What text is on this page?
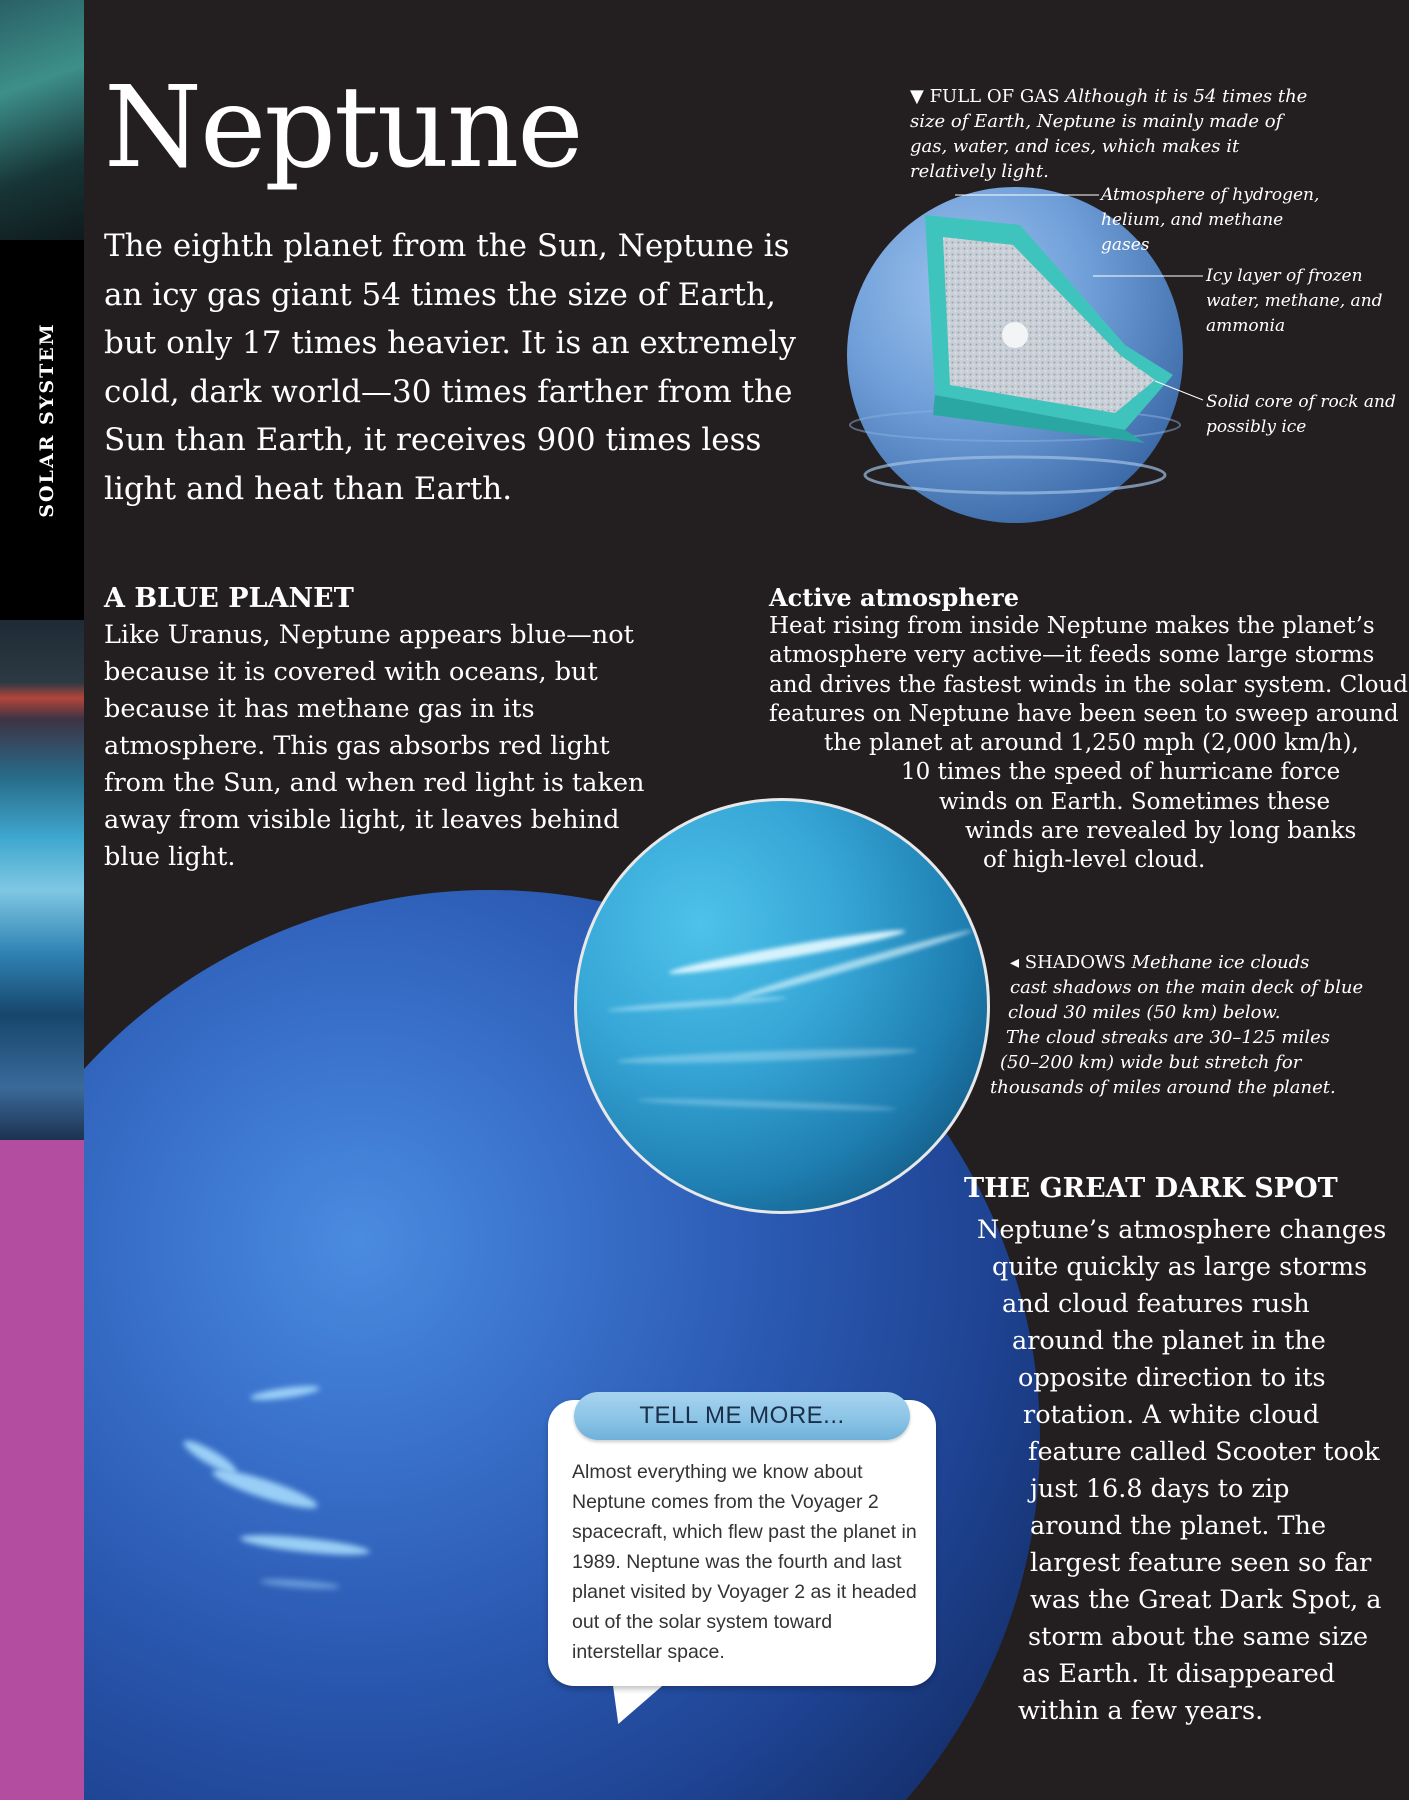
SOLAR SYSTEM
Neptune
The eighth planet from the Sun, Neptune is an icy gas giant 54 times the size of Earth, but only 17 times heavier. It is an extremely cold, dark world—30 times farther from the Sun than Earth, it receives 900 times less light and heat than Earth.
▼ FULL OF GAS Although it is 54 times the size of Earth, Neptune is mainly made of gas, water, and ices, which makes it relatively light.
Atmosphere of hydrogen, helium, and methane gases
Icy layer of frozen water, methane, and ammonia
Solid core of rock and possibly ice
A BLUE PLANET
Like Uranus, Neptune appears blue—not because it is covered with oceans, but because it has methane gas in its atmosphere. This gas absorbs red light from the Sun, and when red light is taken away from visible light, it leaves behind blue light.
Active atmosphere
Heat rising from inside Neptune makes the planet’s
atmosphere very active—it feeds some large storms
and drives the fastest winds in the solar system. Cloud
features on Neptune have been seen to sweep around
the planet at around 1,250 mph (2,000 km/h),
10 times the speed of hurricane force
winds on Earth. Sometimes these
winds are revealed by long banks
of high-level cloud.
◂ SHADOWS Methane ice clouds
cast shadows on the main deck of blue
cloud 30 miles (50 km) below.
The cloud streaks are 30–125 miles
(50–200 km) wide but stretch for
thousands of miles around the planet.
THE GREAT DARK SPOT
Neptune’s atmosphere changes
quite quickly as large storms
and cloud features rush
around the planet in the
opposite direction to its
rotation. A white cloud
feature called Scooter took
just 16.8 days to zip
around the planet. The
largest feature seen so far
was the Great Dark Spot, a
storm about the same size
as Earth. It disappeared
within a few years.
TELL ME MORE...
Almost everything we know about Neptune comes from the Voyager 2 spacecraft, which flew past the planet in 1989. Neptune was the fourth and last planet visited by Voyager 2 as it headed out of the solar system toward interstellar space.
